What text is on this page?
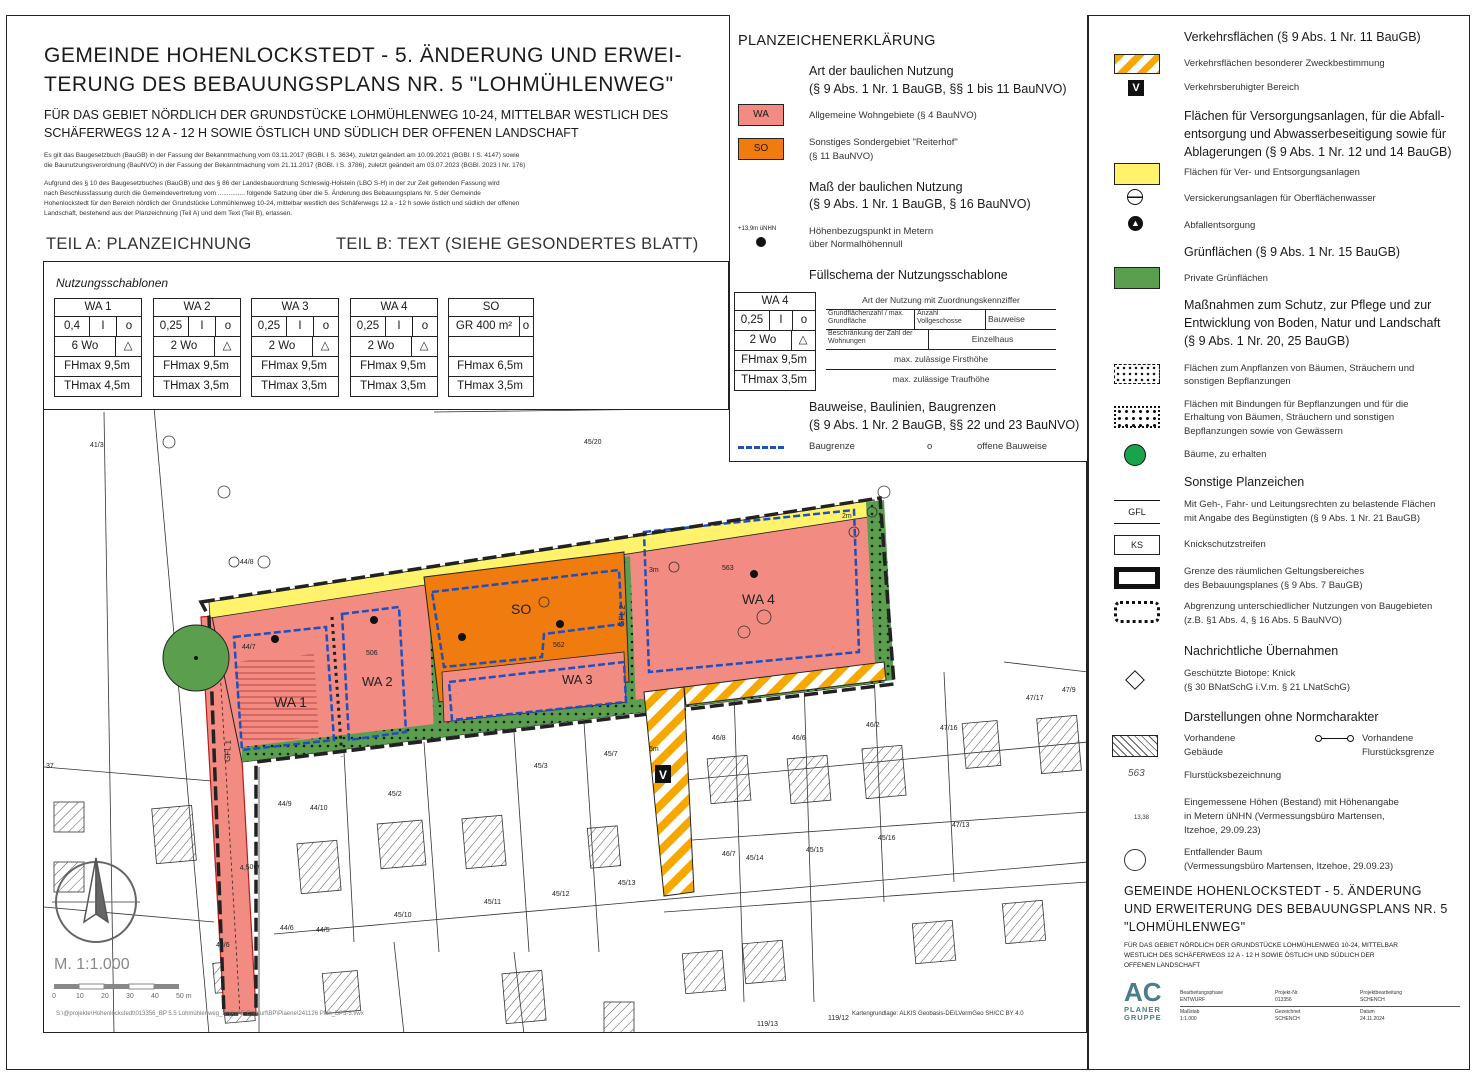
GEMEINDE HOHENLOCKSTEDT - 5. ÄNDERUNG UND ERWEI-
TERUNG DES BEBAUUNGSPLANS NR. 5 "LOHMÜHLENWEG"
FÜR DAS GEBIET NÖRDLICH DER GRUNDSTÜCKE LOHMÜHLENWEG 10-24, MITTELBAR WESTLICH DES
SCHÄFERWEGS 12 A - 12 H SOWIE ÖSTLICH UND SÜDLICH DER OFFENEN LANDSCHAFT
Es gilt das Baugesetzbuch (BauGB) in der Fassung der Bekanntmachung vom 03.11.2017 (BGBl. I S. 3634), zuletzt geändert am 10.09.2021 (BGBl. I S. 4147) sowie
die Baunutzungsverordnung (BauNVO) in der Fassung der Bekanntmachung vom 21.11.2017 (BGBl. I S. 3786), zuletzt geändert am 03.07.2023 (BGBl. 2023 I Nr. 176)
Aufgrund des § 10 des Baugesetzbuches (BauGB) und des § 86 der Landesbauordnung Schleswig-Holstein (LBO S-H) in der zur Zeit geltenden Fassung wird
nach Beschlussfassung durch die Gemeindevertretung vom ............... folgende Satzung über die 5. Änderung des Bebauungsplans Nr. 5 der Gemeinde
Hohenlockstedt für den Bereich nördlich der Grundstücke Lohmühlenweg 10-24, mittelbar westlich des Schäferwegs 12 a - 12 h sowie östlich und südlich der offenen
Landschaft, bestehend aus der Planzeichnung (Teil A) und dem Text (Teil B), erlassen.
TEIL A: PLANZEICHNUNG	TEIL B: TEXT (SIEHE GESONDERTES BLATT)
V
WA 1
WA 2	WA 3
WA 4
SO
GFL 1
GFL 2
4,50m
3m
5m
2m
41/3
44/8
44/7
506
562
563
45/20
44/9
44/10
45/2
45/3
45/7
46/8	46/6
46/2	47/16
47/17
47/9
37
45/12
45/11
45/13
46/7
45/14
45/15
45/16
47/13
43/6
44/5
45/10
44/6
119/12
119/13
M. 1:1.000
0	10 20 30 40 50 m
S:\@projekte\Hohenlockstedt\013356_BP 5.5 Lohmühlenweg_Srykul\F-Entwurf\BP\Plaene\241126 Plan_BP5-5.vwx	Kartengrundlage: ALKIS Geobasis-DE/LVermGeo SH/CC BY 4.0
Nutzungsschablonen
WA 1
0,4	I	o
6 Wo	△
FHmax 9,5m
THmax 4,5m
WA 2
0,25	I	o
2 Wo	△
FHmax 9,5m
THmax 3,5m
WA 3
0,25	I	o
2 Wo	△
FHmax 9,5m
THmax 3,5m
WA 4
0,25	I	o
2 Wo	△
FHmax 9,5m
THmax 3,5m
SO
GR 400 m² o
FHmax 6,5m
THmax 3,5m
PLANZEICHENERKLÄRUNG
Art der baulichen Nutzung
(§ 9 Abs. 1 Nr. 1 BauGB, §§ 1 bis 11 BauNVO)
WA	Allgemeine Wohngebiete (§ 4 BauNVO)
SO
Sonstiges Sondergebiet "Reiterhof"
(§ 11 BauNVO)
Maß der baulichen Nutzung
(§ 9 Abs. 1 Nr. 1 BauGB, § 16 BauNVO)
+13,9m üNHN	Höhenbezugspunkt in Metern
über Normalhöhennull
Füllschema der Nutzungsschablone
WA 4
0,25	I	o
2 Wo	△
FHmax 9,5m
THmax 3,5m
Art der Nutzung mit Zuordnungskennziffer
Grundflächenzahl / max. Grundfläche
Anzahl Vollgeschosse	Bauweise
Beschränkung der Zahl der Wohnungen	Einzelhaus
max. zulässige Firsthöhe
max. zulässige Traufhöhe
Bauweise, Baulinien, Baugrenzen
(§ 9 Abs. 1 Nr. 2 BauGB, §§ 22 und 23 BauNVO)
Baugrenze	o	offene Bauweise
Verkehrsflächen (§ 9 Abs. 1 Nr. 11 BauGB)
Verkehrsflächen besonderer Zweckbestimmung
V	Verkehrsberuhigter Bereich
Flächen für Versorgungsanlagen, für die Abfall-
entsorgung und Abwasserbeseitigung sowie für
Ablagerungen (§ 9 Abs. 1 Nr. 12 und 14 BauGB)
Flächen für Ver- und Entsorgungsanlagen
Versickerungsanlagen für Oberflächenwasser
▲	Abfallentsorgung
Grünflächen (§ 9 Abs. 1 Nr. 15 BauGB)
Private Grünflächen
Maßnahmen zum Schutz, zur Pflege und zur
Entwicklung von Boden, Natur und Landschaft
(§ 9 Abs. 1 Nr. 20, 25 BauGB)
Flächen zum Anpflanzen von Bäumen, Sträuchern und
sonstigen Bepflanzungen
Flächen mit Bindungen für Bepflanzungen und für die
Erhaltung von Bäumen, Sträuchern und sonstigen
Bepflanzungen sowie von Gewässern
Bäume, zu erhalten
Sonstige Planzeichen
GFL
Mit Geh-, Fahr- und Leitungsrechten zu belastende Flächen
mit Angabe des Begünstigten (§ 9 Abs. 1 Nr. 21 BauGB)
KS	Knickschutzstreifen
Grenze des räumlichen Geltungsbereiches
des Bebauungsplanes (§ 9 Abs. 7 BauGB)
Abgrenzung unterschiedlicher Nutzungen von Baugebieten
(z.B. §1 Abs. 4, § 16 Abs. 5 BauNVO)
Nachrichtliche Übernahmen
Geschützte Biotope: Knick
(§ 30 BNatSchG i.V.m. § 21 LNatSchG)
Darstellungen ohne Normcharakter
Vorhandene
Gebäude
Vorhandene
Flurstücksgrenze
563	Flurstücksbezeichnung
13,38
Eingemessene Höhen (Bestand) mit Höhenangabe
in Metern üNHN (Vermessungsbüro Martensen,
Itzehoe, 29.09.23)
Entfallender Baum
(Vermessungsbüro Martensen, Itzehoe, 29.09.23)
GEMEINDE HOHENLOCKSTEDT - 5. ÄNDERUNG
UND ERWEITERUNG DES BEBAUUNGSPLANS NR. 5
"LOHMÜHLENWEG"
FÜR DAS GEBIET NÖRDLICH DER GRUNDSTÜCKE LOHMÜHLENWEG 10-24, MITTELBAR
WESTLICH DES SCHÄFERWEGS 12 A - 12 H SOWIE ÖSTLICH UND SÜDLICH DER
OFFENEN LANDSCHAFT
AC
PLANER
GRUPPE
Bearbeitungsphase
ENTWURF
Projekt-Nr.
013356
Projektbearbeitung
SCHENCH
Maßstab
1:1.000
Gezeichnet
SCHENCH
Datum
24.11.2024
